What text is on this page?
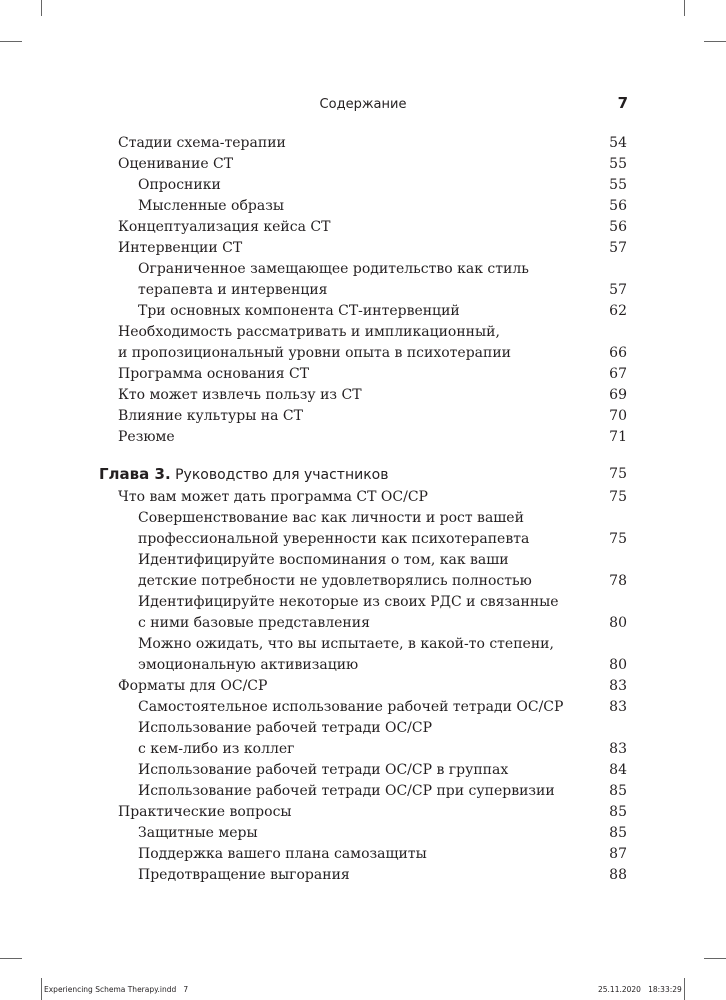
Содержание	7
Стадии схема-терапии	54
Оценивание СТ	55
Опросники	55
Мысленные образы	56
Концептуализация кейса СТ	56
Интервенции СТ	57
Ограниченное замещающее родительство как стиль
терапевта и интервенция	57
Три основных компонента СТ-интервенций	62
Необходимость рассматривать и импликационный,
и пропозициональный уровни опыта в психотерапии	66
Программа основания СТ	67
Кто может извлечь пользу из СТ	69
Влияние культуры на СТ	70
Резюме	71
Глава 3. Руководство для участников	75
Что вам может дать программа СТ ОС/СР	75
Совершенствование вас как личности и рост вашей
профессиональной уверенности как психотерапевта	75
Идентифицируйте воспоминания о том, как ваши
детские потребности не удовлетворялись полностью	78
Идентифицируйте некоторые из своих РДС и связанные
с ними базовые представления	80
Можно ожидать, что вы испытаете, в какой-то степени,
эмоциональную активизацию	80
Форматы для ОС/СР	83
Самостоятельное использование рабочей тетради ОС/СР	83
Использование рабочей тетради ОС/СР
с кем-либо из коллег	83
Использование рабочей тетради ОС/СР в группах	84
Использование рабочей тетради ОС/СР при супервизии	85
Практические вопросы	85
Защитные меры	85
Поддержка вашего плана самозащиты	87
Предотвращение выгорания	88
Experiencing Schema Therapy.indd 7	25.11.2020 18:33:29
